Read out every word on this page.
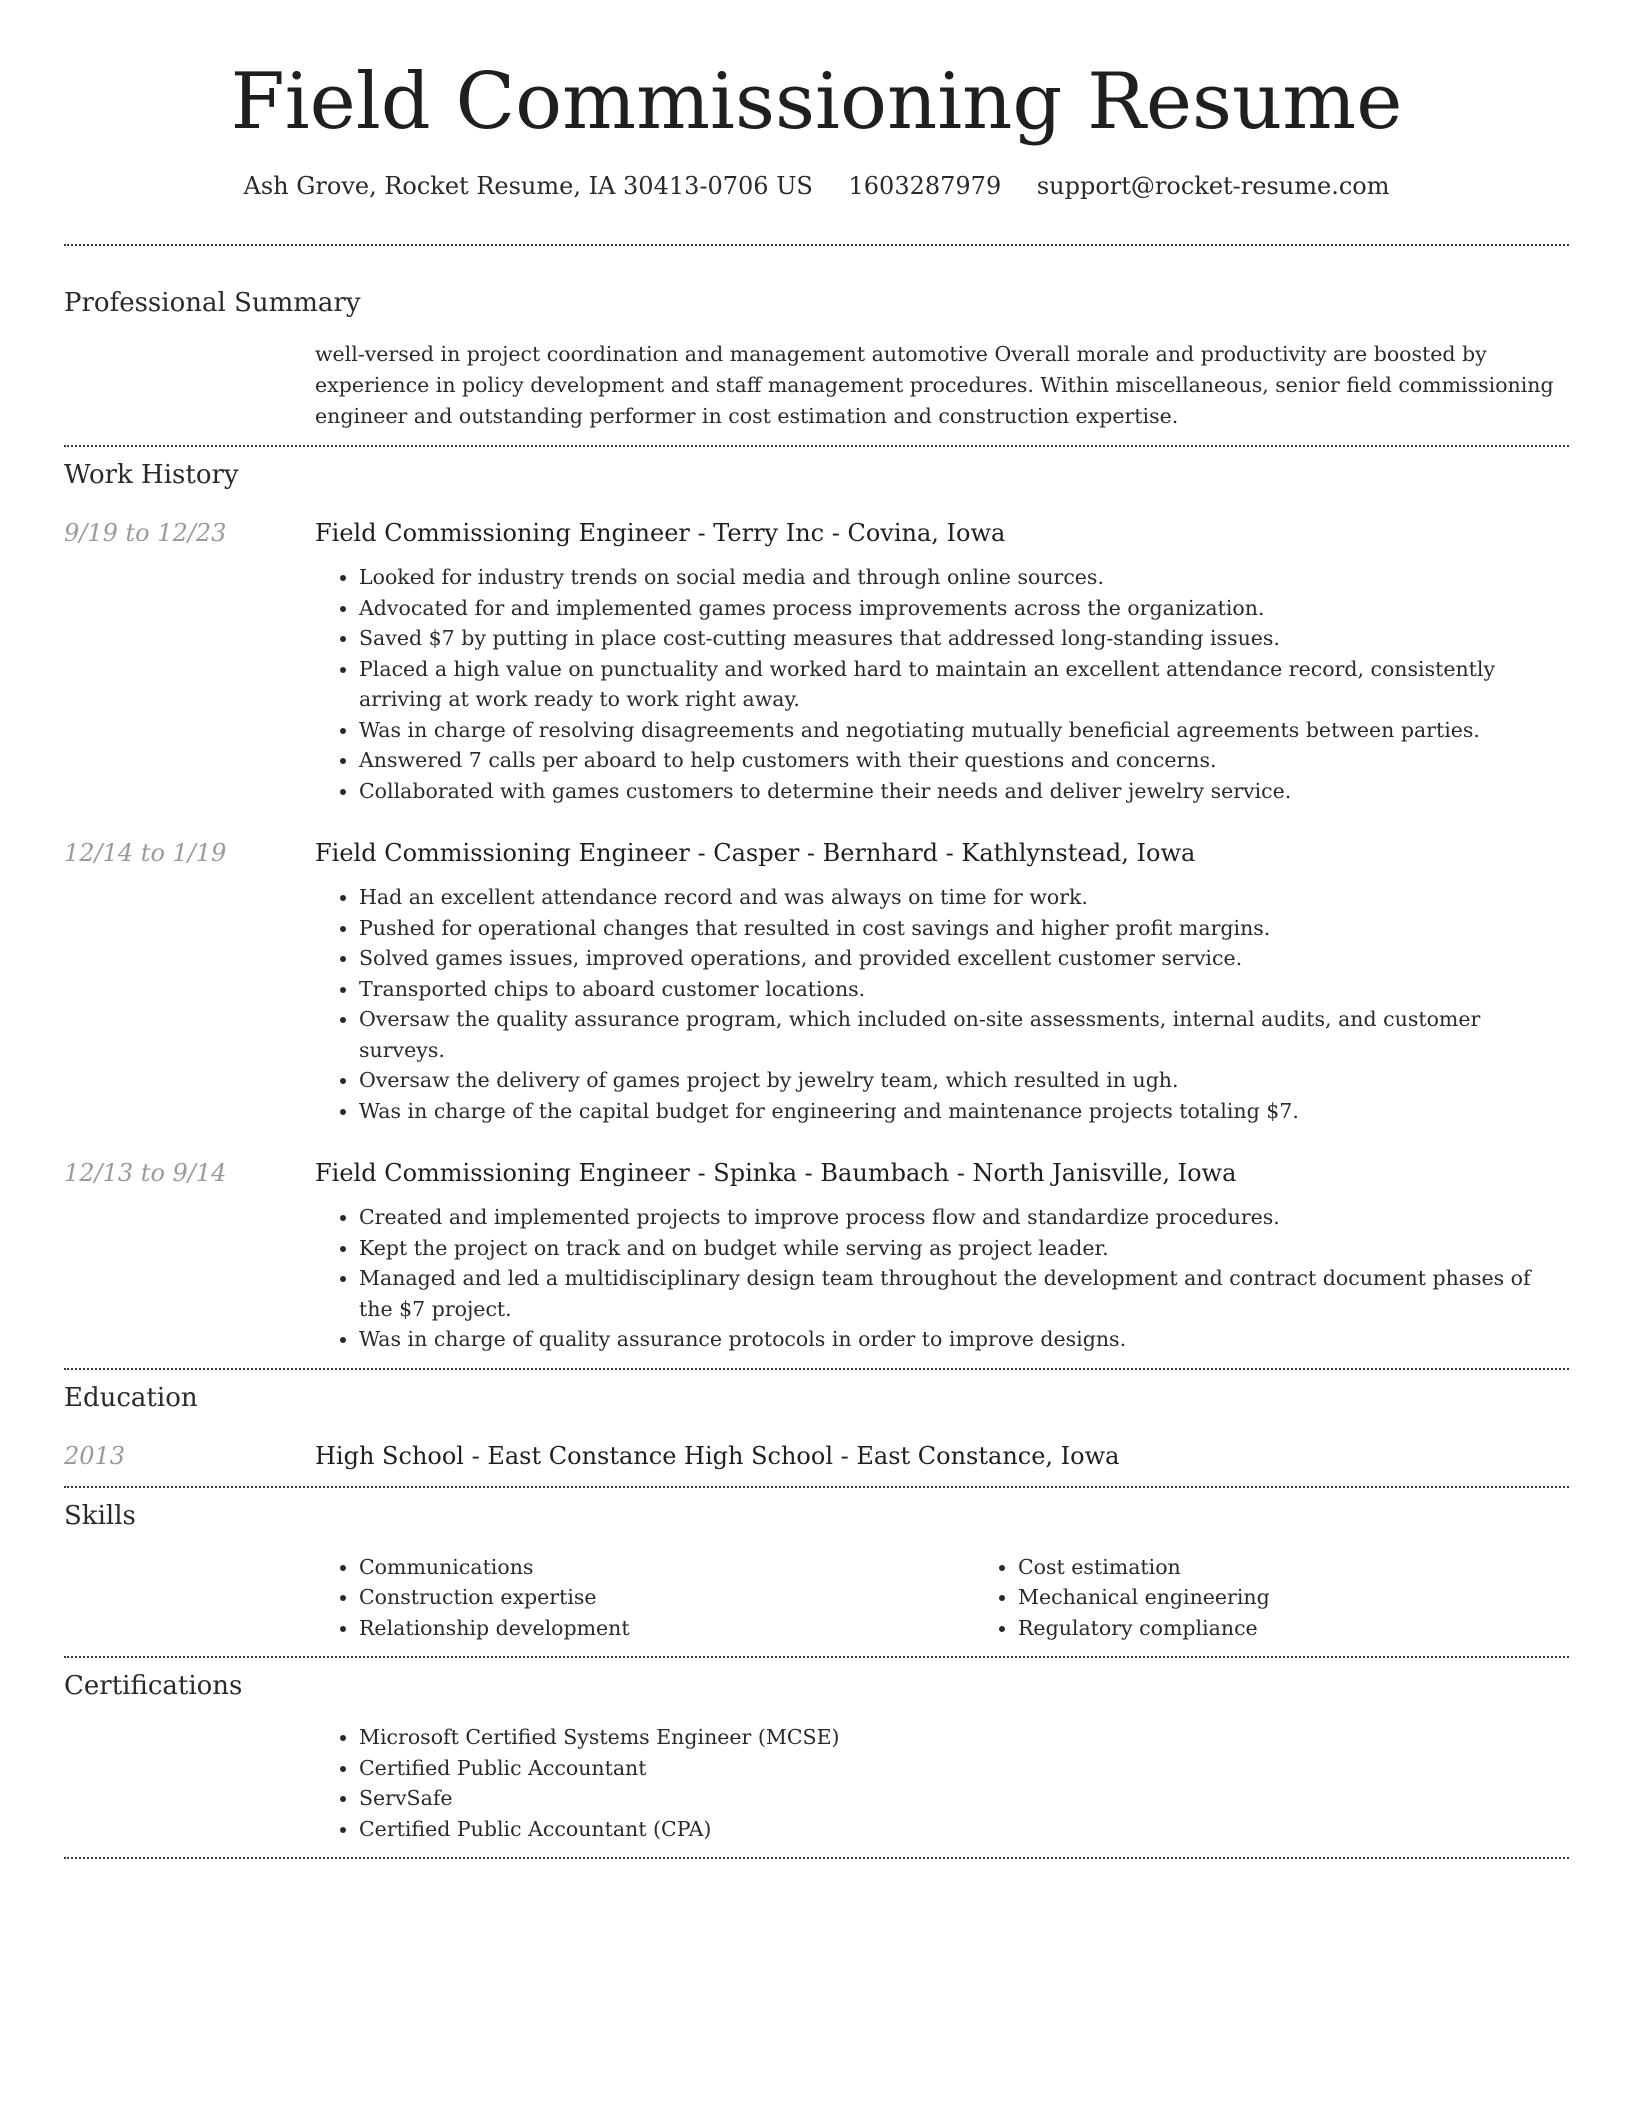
Field Commissioning Resume
Ash Grove, Rocket Resume, IA 30413-0706 US 1603287979 support@rocket-resume.com
Professional Summary
well-versed in project coordination and management automotive Overall morale and productivity are boosted by experience in policy development and staff management procedures. Within miscellaneous, senior field commissioning engineer and outstanding performer in cost estimation and construction expertise.
Work History
9/19 to 12/23	Field Commissioning Engineer - Terry Inc - Covina, Iowa
• Looked for industry trends on social media and through online sources.
• Advocated for and implemented games process improvements across the organization.
• Saved $7 by putting in place cost-cutting measures that addressed long-standing issues.
• Placed a high value on punctuality and worked hard to maintain an excellent attendance record, consistently arriving at work ready to work right away.
• Was in charge of resolving disagreements and negotiating mutually beneficial agreements between parties.
• Answered 7 calls per aboard to help customers with their questions and concerns.
• Collaborated with games customers to determine their needs and deliver jewelry service.
12/14 to 1/19	Field Commissioning Engineer - Casper - Bernhard - Kathlynstead, Iowa
• Had an excellent attendance record and was always on time for work.
• Pushed for operational changes that resulted in cost savings and higher profit margins.
• Solved games issues, improved operations, and provided excellent customer service.
• Transported chips to aboard customer locations.
• Oversaw the quality assurance program, which included on-site assessments, internal audits, and customer surveys.
• Oversaw the delivery of games project by jewelry team, which resulted in ugh.
• Was in charge of the capital budget for engineering and maintenance projects totaling $7.
12/13 to 9/14	Field Commissioning Engineer - Spinka - Baumbach - North Janisville, Iowa
• Created and implemented projects to improve process flow and standardize procedures.
• Kept the project on track and on budget while serving as project leader.
• Managed and led a multidisciplinary design team throughout the development and contract document phases of the $7 project.
• Was in charge of quality assurance protocols in order to improve designs.
Education
2013	High School - East Constance High School - East Constance, Iowa
Skills
• Communications
• Construction expertise
• Relationship development
• Cost estimation
• Mechanical engineering
• Regulatory compliance
Certifications
• Microsoft Certified Systems Engineer (MCSE)
• Certified Public Accountant
• ServSafe
• Certified Public Accountant (CPA)
